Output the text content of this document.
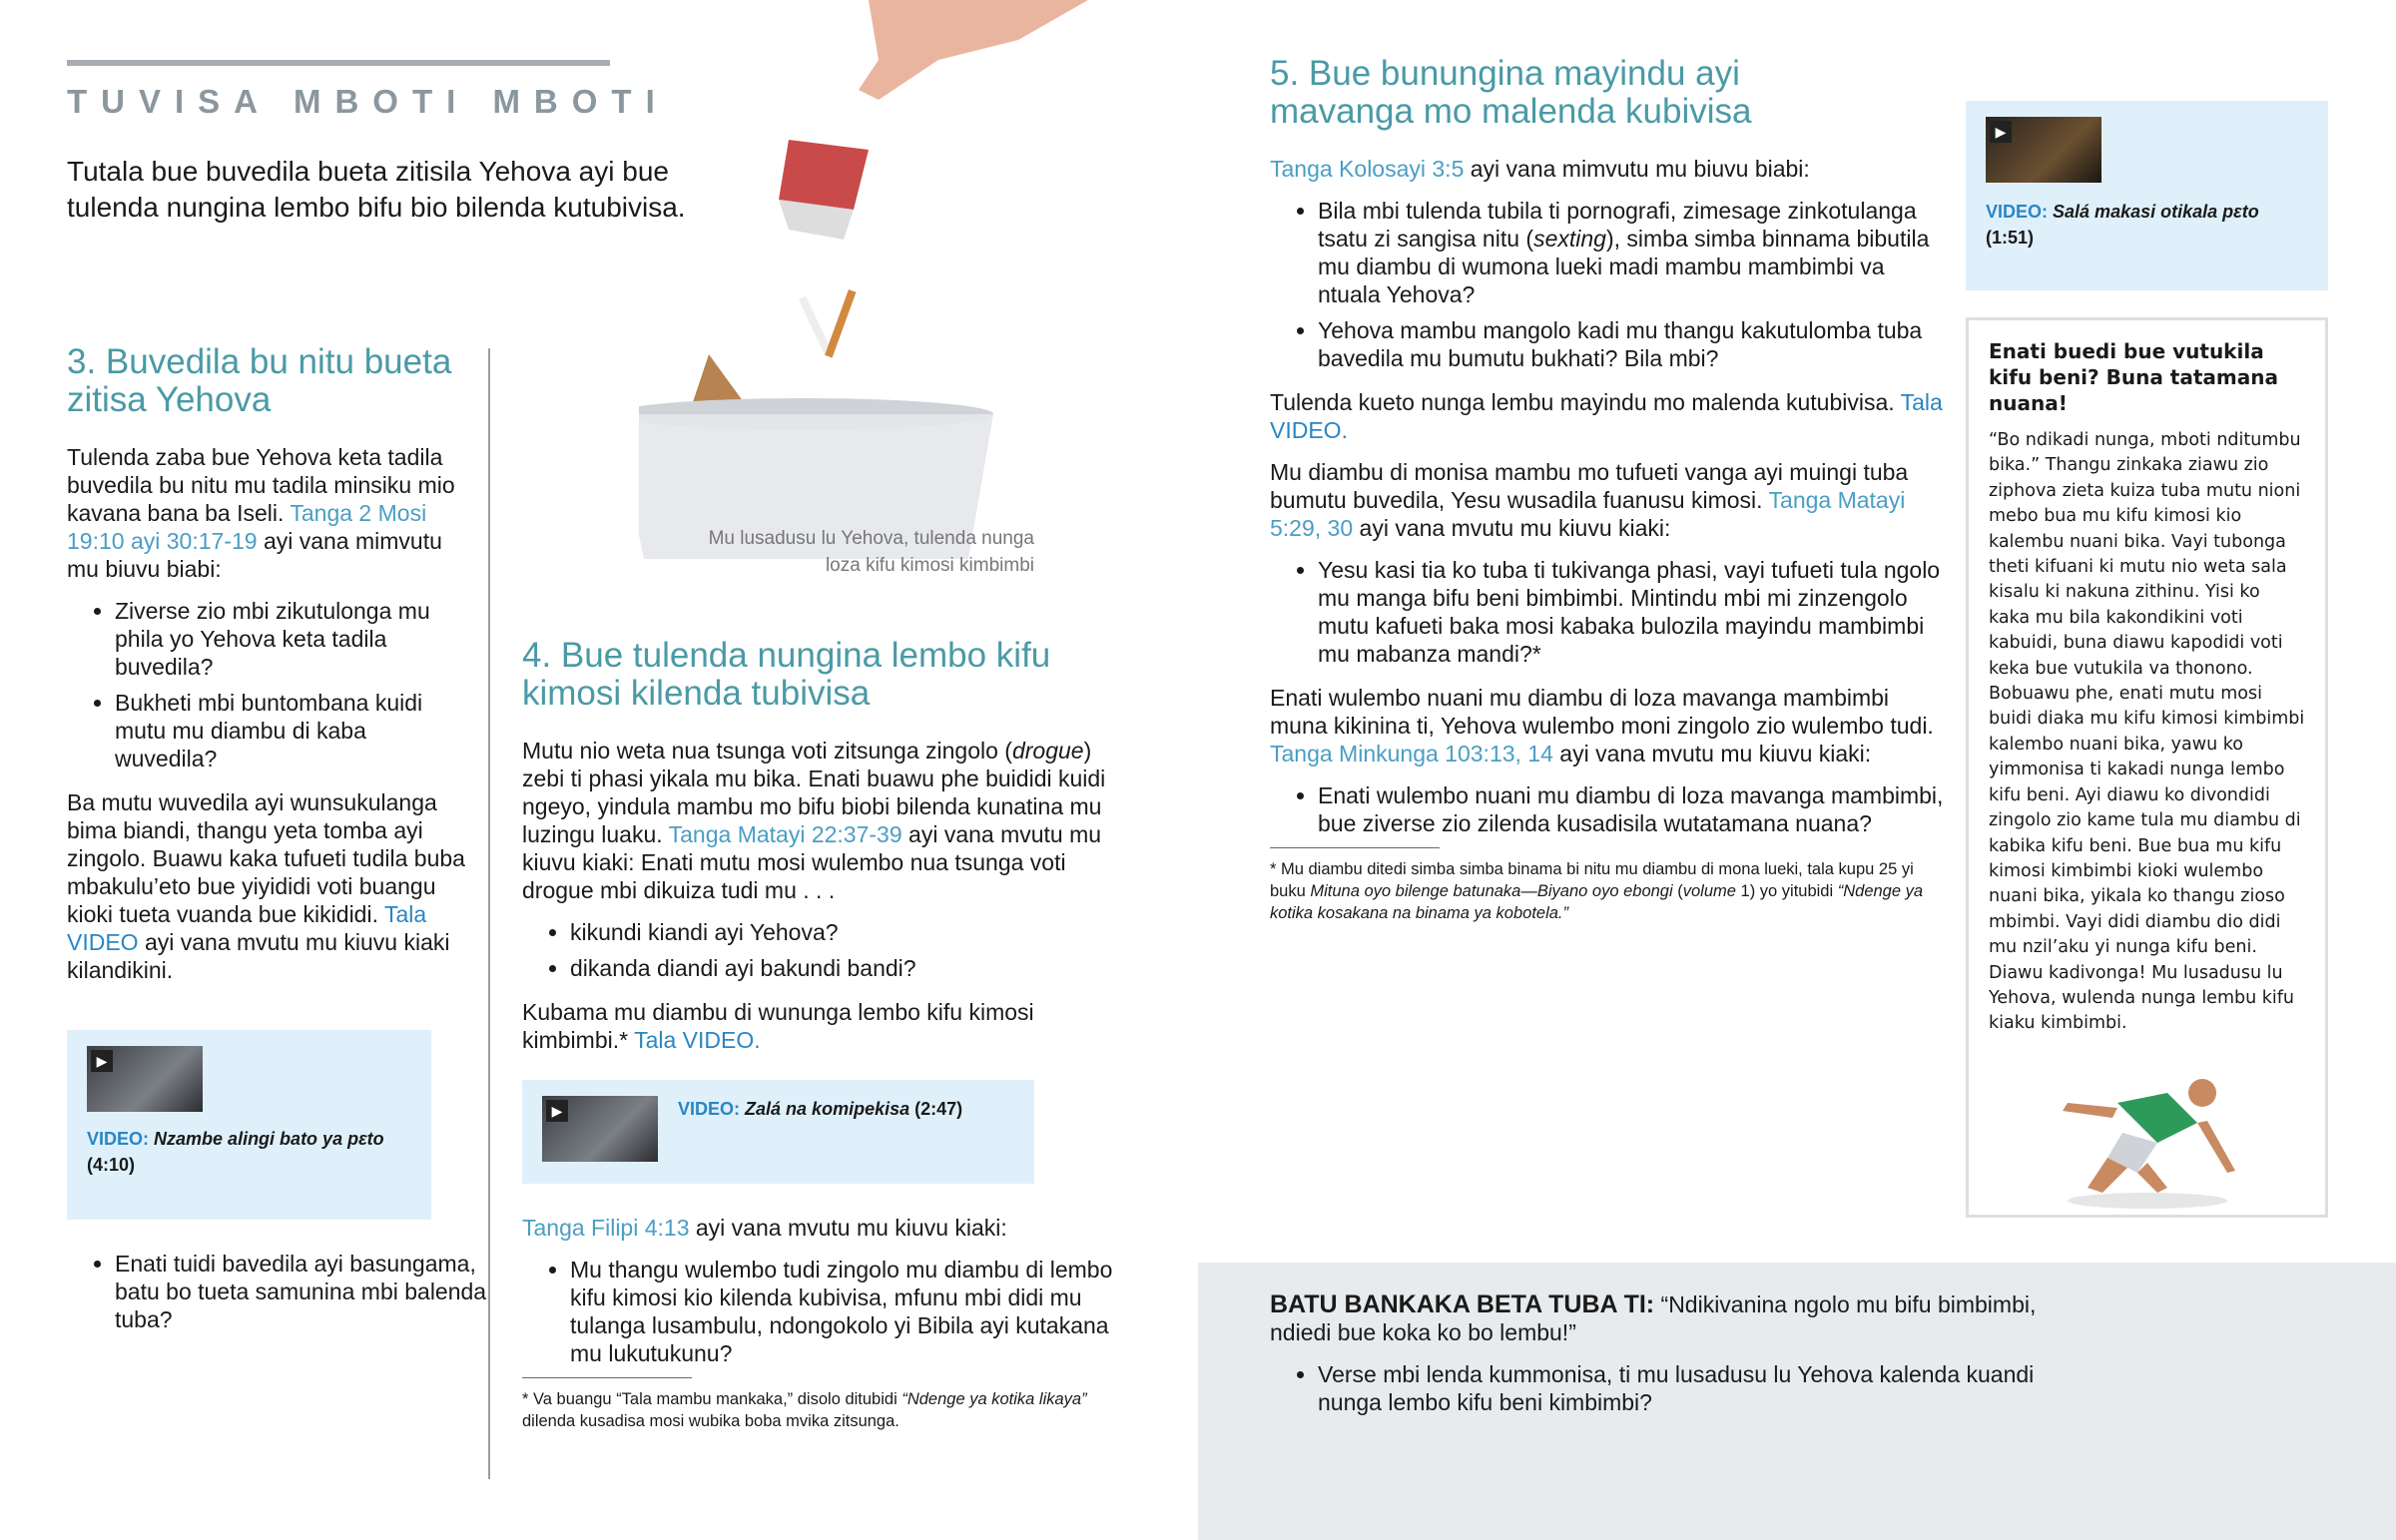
TUVISA MBOTI MBOTI
Tutala bue buvedila bueta zitisila Yehova ayi bue tulenda nungina lembo bifu bio bilenda kutubivisa.
Mu lusadusu lu Yehova, tulenda nunga loza kifu kimosi kimbimbi
3. Buvedila bu nitu bueta zitisa Yehova

Tulenda zaba bue Yehova keta tadila buvedila bu nitu mu tadila minsiku mio kavana bana ba Iseli. Tanga 2 Mosi 19:10 ayi 30:17-19 ayi vana mimvutu mu biuvu biabi:

• Ziverse zio mbi zikutulonga mu phila yo Yehova keta tadila buvedila?
• Bukheti mbi buntombana kuidi mutu mu diambu di kaba wuvedila?

Ba mutu wuvedila ayi wunsukulanga bima biandi, thangu yeta tomba ayi zingolo. Buawu kaka tufueti tudila buba mbakulu’eto bue yiyididi voti buangu kioki tueta vuanda bue kikididi. Tala VIDEO ayi vana mvutu mu kiuvu kiaki kilandikini.

▶
VIDEO: Nzambe alingi bato ya pɛto
(4:10)
• Enati tuidi bavedila ayi basungama, batu bo tueta samunina mbi balenda tuba?
4. Bue tulenda nungina lembo kifu kimosi kilenda tubivisa

Mutu nio weta nua tsunga voti zitsunga zingolo (drogue) zebi ti phasi yikala mu bika. Enati buawu phe buididi kuidi ngeyo, yindula mambu mo bifu biobi bilenda kunatina mu luzingu luaku. Tanga Matayi 22:37-39 ayi vana mvutu mu kiuvu kiaki: Enati mutu mosi wulembo nua tsunga voti drogue mbi dikuiza tudi mu . . .

• kikundi kiandi ayi Yehova?
• dikanda diandi ayi bakundi bandi?

Kubama mu diambu di wununga lembo kifu kimosi kimbimbi.* Tala VIDEO.

▶	VIDEO: Zalá na komipekisa (2:47)

Tanga Filipi 4:13 ayi vana mvutu mu kiuvu kiaki:

• Mu thangu wulembo tudi zingolo mu diambu di lembo kifu kimosi kio kilenda kubivisa, mfunu mbi didi mu tulanga lusambulu, ndongokolo yi Bibila ayi kutakana mu lukutukunu?
* Va buangu “Tala mambu mankaka,” disolo ditubidi “Ndenge ya kotika likaya” dilenda kusadisa mosi wubika boba mvika zitsunga.
5. Bue bunungina mayindu ayi mavanga mo malenda kubivisa

Tanga Kolosayi 3:5 ayi vana mimvutu mu biuvu biabi:

• Bila mbi tulenda tubila ti pornografi, zimesage zinkotulanga tsatu zi sangisa nitu (sexting), simba simba binnama bibutila mu diambu di wumona lueki madi mambu mambimbi va ntuala Yehova?
• Yehova mambu mangolo kadi mu thangu kakutulomba tuba bavedila mu bumutu bukhati? Bila mbi?

Tulenda kueto nunga lembu mayindu mo malenda kutubivisa. Tala VIDEO.

Mu diambu di monisa mambu mo tufueti vanga ayi muingi tuba bumutu buvedila, Yesu wusadila fuanusu kimosi. Tanga Matayi 5:29, 30 ayi vana mvutu mu kiuvu kiaki:

• Yesu kasi tia ko tuba ti tukivanga phasi, vayi tufueti tula ngolo mu manga bifu beni bimbimbi. Mintindu mbi mi zinzengolo mutu kafueti baka mosi kabaka bulozila mayindu mambimbi mu mabanza mandi?*

Enati wulembo nuani mu diambu di loza mavanga mambimbi muna kikinina ti, Yehova wulembo moni zingolo zio wulembo tudi. Tanga Minkunga 103:13, 14 ayi vana mvutu mu kiuvu kiaki:

• Enati wulembo nuani mu diambu di loza mavanga mambimbi, bue ziverse zio zilenda kusadisila wutatamana nuana?
* Mu diambu ditedi simba simba binama bi nitu mu diambu di mona lueki, tala kupu 25 yi buku Mituna oyo bilenge batunaka—Biyano oyo ebongi (volume 1) yo yitubidi “Ndenge ya kotika kosakana na binama ya kobotela.”
▶
VIDEO: Salá makasi otikala pɛto
(1:51)
Enati buedi bue vutukila kifu beni? Buna tatamana nuana!
“Bo ndikadi nunga, mboti nditumbu bika.” Thangu zinkaka ziawu zio ziphova zieta kuiza tuba mutu nioni mebo bua mu kifu kimosi kio kalembu nuani bika. Vayi tubonga theti kifuani ki mutu nio weta sala kisalu ki nakuna zithinu. Yisi ko kaka mu bila kakondikini voti kabuidi, buna diawu kapodidi voti keka bue vutukila va thonono. Bobuawu phe, enati mutu mosi buidi diaka mu kifu kimosi kimbimbi kalembo nuani bika, yawu ko yimmonisa ti kakadi nunga lembo kifu beni. Ayi diawu ko divondidi zingolo zio kame tula mu diambu di kabika kifu beni. Bue bua mu kifu kimosi kimbimbi kioki wulembo nuani bika, yikala ko thangu zioso mbimbi. Vayi didi diambu dio didi mu nzil’aku yi nunga kifu beni. Diawu kadivonga! Mu lusadusu lu Yehova, wulenda nunga lembu kifu kiaku kimbimbi.

BATU BANKAKA BETA TUBA TI: “Ndikivanina ngolo mu bifu bimbimbi, ndiedi bue koka ko bo lembu!”

• Verse mbi lenda kummonisa, ti mu lusadusu lu Yehova kalenda kuandi nunga lembo kifu beni kimbimbi?
